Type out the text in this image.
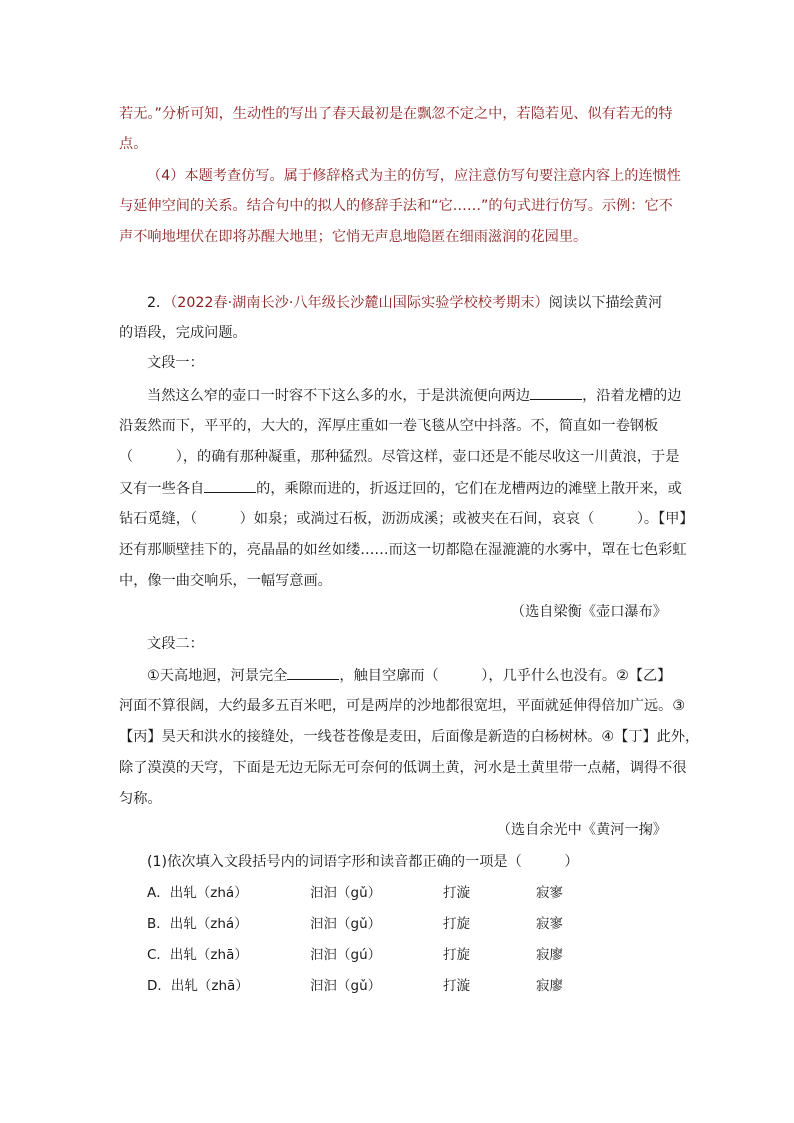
若无。”分析可知，生动性的写出了春天最初是在飘忽不定之中，若隐若见、似有若无的特
点。
（4）本题考查仿写。属于修辞格式为主的仿写，应注意仿写句要注意内容上的连惯性
与延伸空间的关系。结合句中的拟人的修辞手法和“它……”的句式进行仿写。示例：它不
声不响地埋伏在即将苏醒大地里；它悄无声息地隐匿在细雨滋润的花园里。
2．（2022春·湖南长沙·八年级长沙麓山国际实验学校校考期末）阅读以下描绘黄河
的语段，完成问题。
文段一：
当然这么窄的壶口一时容不下这么多的水，于是洪流便向两边	，沿着龙槽的边
沿轰然而下，平平的，大大的，浑厚庄重如一卷飞毯从空中抖落。不，简直如一卷钢板
（　　　），的确有那种凝重，那种猛烈。尽管这样，壶口还是不能尽收这一川黄浪，于是
又有一些各自	的，乘隙而进的，折返迂回的，它们在龙槽两边的滩壁上散开来，或
钻石觅缝，（　　　）如泉；或淌过石板，沥沥成溪；或被夹在石间，哀哀（　　　）。【甲】
还有那顺壁挂下的，亮晶晶的如丝如缕……而这一切都隐在湿漉漉的水雾中，罩在七色彩虹
中，像一曲交响乐，一幅写意画。
（选自梁衡《壶口瀑布》
文段二：
①天高地迥，河景完全	，触目空廓而（　　　），几乎什么也没有。②【乙】
河面不算很阔，大约最多五百米吧，可是两岸的沙地都很宽坦，平面就延伸得倍加广远。③
【丙】昊天和洪水的接缝处，一线苍苍像是麦田，后面像是新造的白杨树林。④【丁】此外，
除了漠漠的天穹，下面是无边无际无可奈何的低调土黄，河水是土黄里带一点赭，调得不很
匀称。
（选自余光中《黄河一掬》
(1)依次填入文段括号内的词语字形和读音都正确的一项是（　　　）
A．出轧（zhá）	汩汩（gǔ）	打漩	寂寥
B．出轧（zhá）	汩汩（gǔ）	打旋	寂寥
C．出轧（zhā）	汩汩（gú）	打旋	寂廖
D．出轧（zhā）	汩汩（gǔ）	打漩	寂廖
